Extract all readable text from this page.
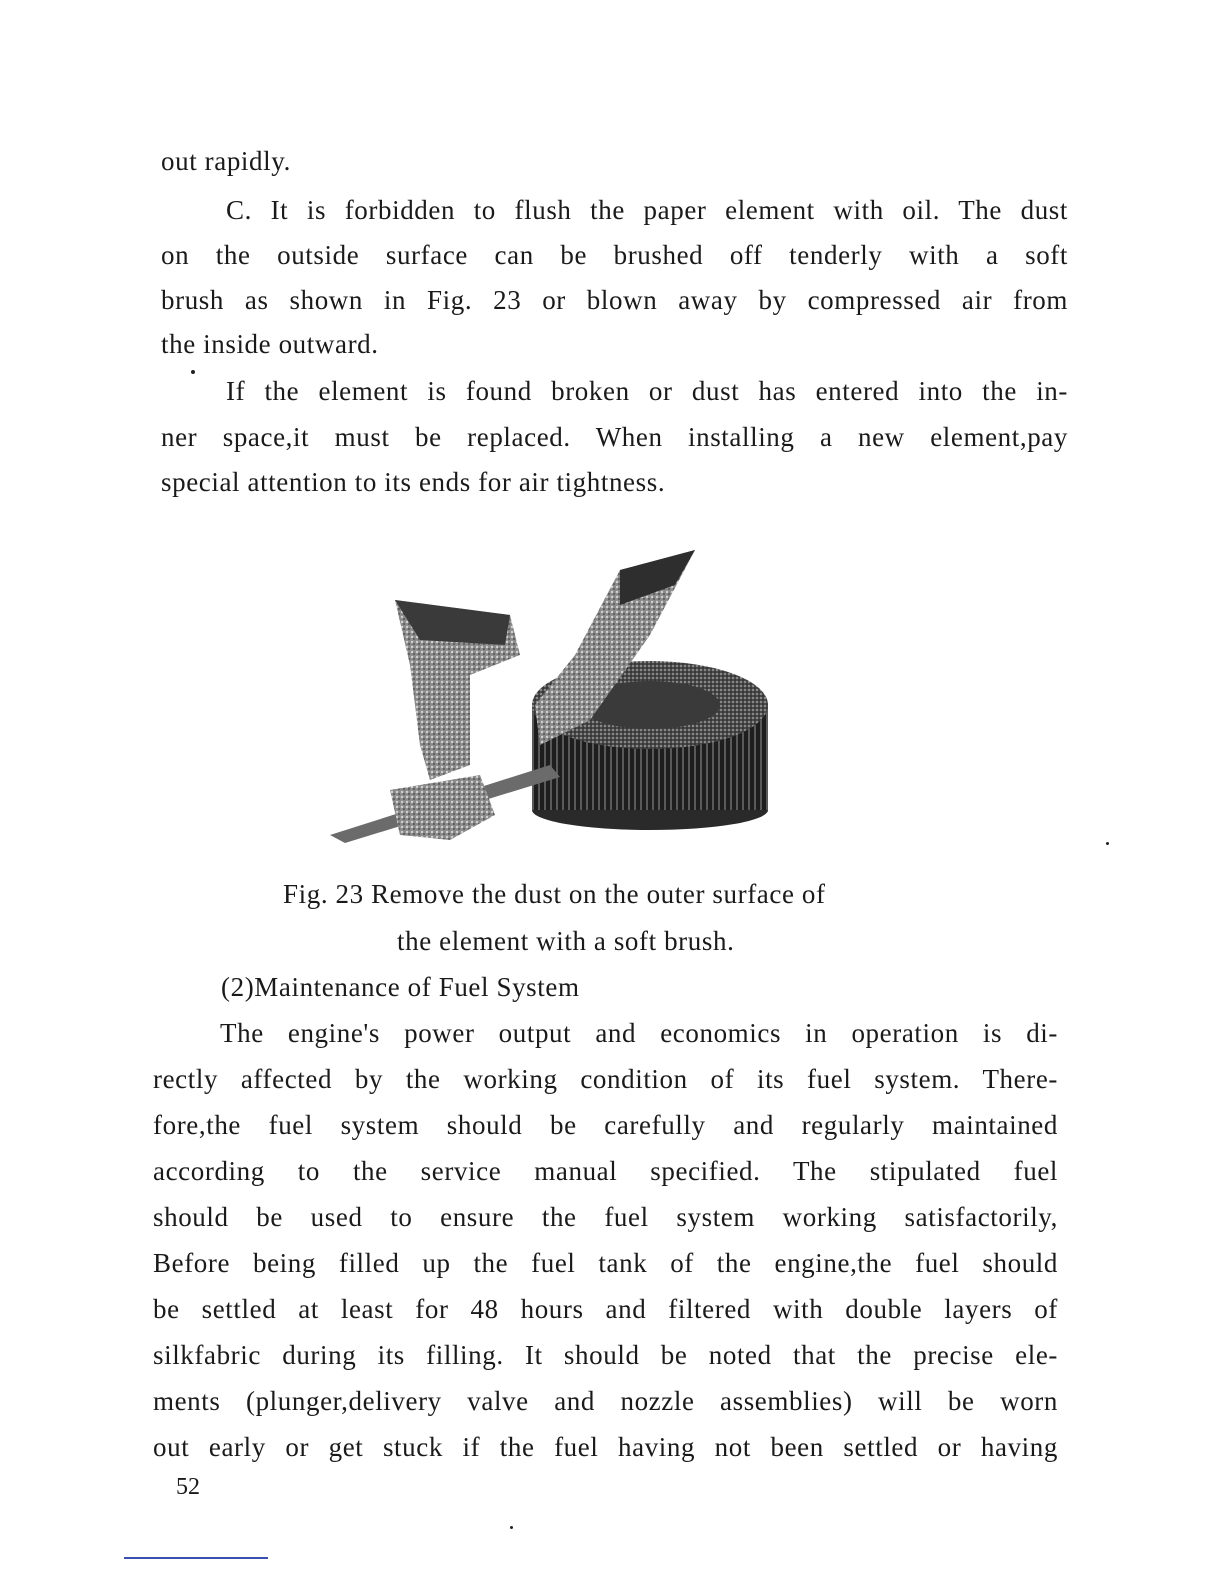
out rapidly.
C. It is forbidden to flush the paper element with oil. The dust
on the outside surface can be brushed off tenderly with a soft
brush as shown in Fig. 23 or blown away by compressed air from
the inside outward.
If the element is found broken or dust has entered into the in-
ner space,it must be replaced. When installing a new element,pay
special attention to its ends for air tightness.
Fig. 23 Remove the dust on the outer surface of
the element with a soft brush.
(2)Maintenance of Fuel System
The engine's power output and economics in operation is di-
rectly affected by the working condition of its fuel system. There-
fore,the fuel system should be carefully and regularly maintained
according to the service manual specified. The stipulated fuel
should be used to ensure the fuel system working satisfactorily,
Before being filled up the fuel tank of the engine,the fuel should
be settled at least for 48 hours and filtered with double layers of
silkfabric during its filling. It should be noted that the precise ele-
ments (plunger,delivery valve and nozzle assemblies) will be worn
out early or get stuck if the fuel having not been settled or having
52
